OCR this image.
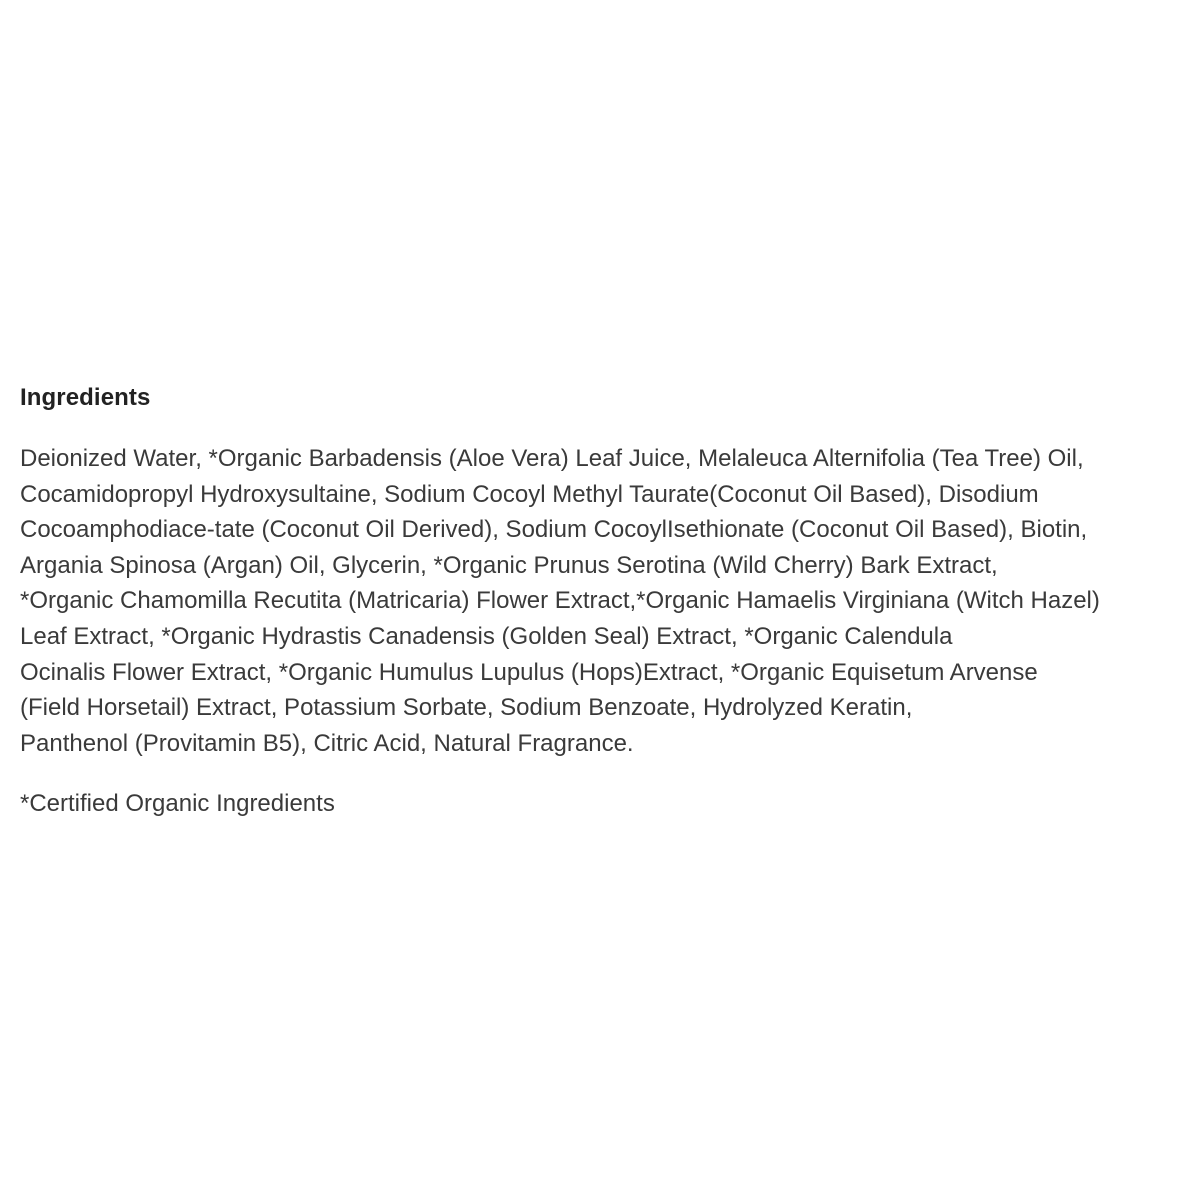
Ingredients

Deionized Water, *Organic Barbadensis (Aloe Vera) Leaf Juice, Melaleuca Alternifolia (Tea Tree) Oil,
Cocamidopropyl Hydroxysultaine, Sodium Cocoyl Methyl Taurate(Coconut Oil Based), Disodium
Cocoamphodiace-tate (Coconut Oil Derived), Sodium CocoylIsethionate (Coconut Oil Based), Biotin,
Argania Spinosa (Argan) Oil, Glycerin, *Organic Prunus Serotina (Wild Cherry) Bark Extract,
*Organic Chamomilla Recutita (Matricaria) Flower Extract,*Organic Hamaelis Virginiana (Witch Hazel)
Leaf Extract, *Organic Hydrastis Canadensis (Golden Seal) Extract, *Organic Calendula
Ocinalis Flower Extract, *Organic Humulus Lupulus (Hops)Extract, *Organic Equisetum Arvense
(Field Horsetail) Extract, Potassium Sorbate, Sodium Benzoate, Hydrolyzed Keratin,
Panthenol (Provitamin B5), Citric Acid, Natural Fragrance.

*Certified Organic Ingredients
